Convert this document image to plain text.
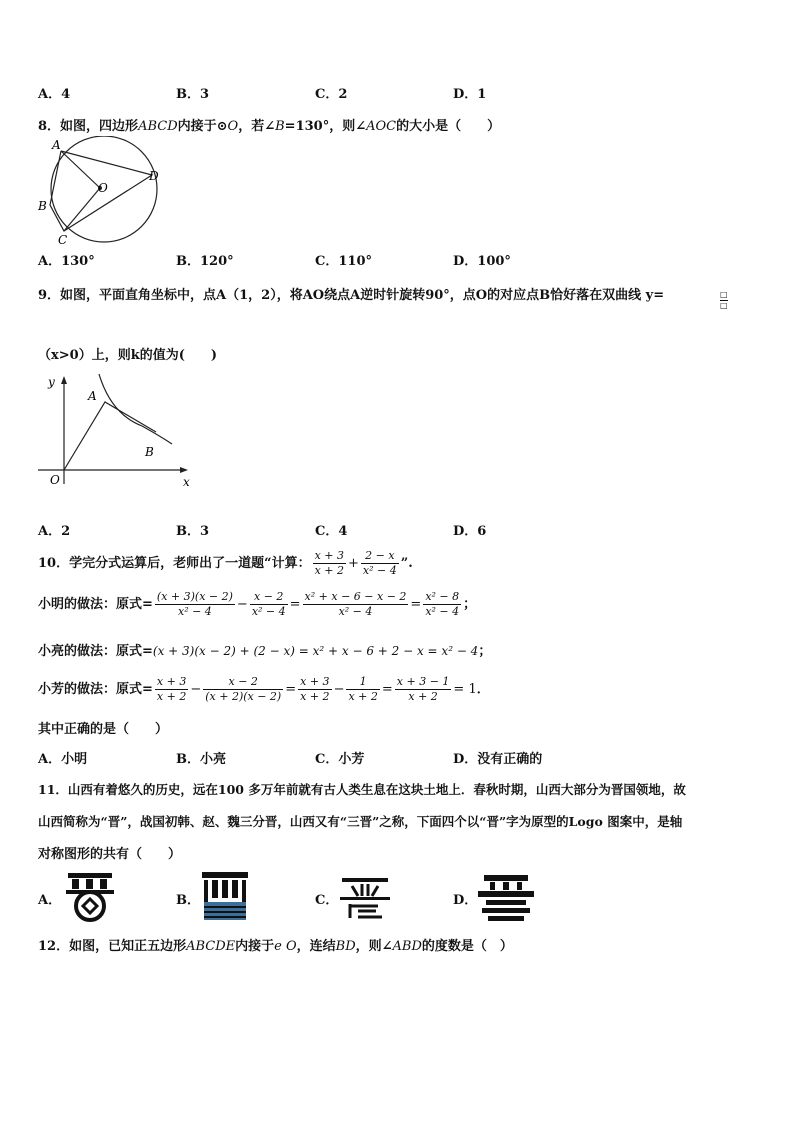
A．4	B．3	C．2	D．1
8．如图，四边形ABCD内接于⊙O，若∠B=130°，则∠AOC的大小是（　　）
A
D
O
B
C
A．130°	B．120°	C．110°	D．100°
9．如图，平面直角坐标中，点A（1，2），将AO绕点A逆时针旋转90°，点O的对应点B恰好落在双曲线 y=	□
□
（x>0）上，则k的值为(　　)
y
x
O
A
B
A．2	B．3	C．4	D．6
10．学完分式运算后，老师出了一道题“计算： $\frac{x + 3}{x + 2} + \frac{2 - x}{\text{x² − 4}}$ ”.
小明的做法：原式= $\frac{(x + 3)(x - 2)}{\text{x² − 4}} - \frac{x - 2}{\text{x² − 4}} = \frac{\text{x² + x − 6 − x − 2}}{\text{x² − 4}} = \frac{\text{x² − 8}}{\text{x² − 4}}$ ；
小亮的做法：原式=(x + 3)(x − 2) + (2 − x) = x² + x − 6 + 2 − x = x² − 4；
小芳的做法：原式= $\frac{x + 3}{x + 2} - \frac{x - 2}{(x + 2)(x - 2)} = \frac{x + 3}{x + 2} - \frac{1}{x + 2} = \frac{x + 3 - 1}{x + 2} = 1$．
其中正确的是（　　）
A．小明	B．小亮	C．小芳	D．没有正确的
11．山西有着悠久的历史，远在100 多万年前就有古人类生息在这块土地上．春秋时期，山西大部分为晋国领地，故
山西简称为“晋”，战国初韩、赵、魏三分晋，山西又有“三晋”之称，下面四个以“晋”字为原型的Logo 图案中，是轴
对称图形的共有（　　）
A．	B．	C．	D．
12．如图，已知正五边形ABCDE内接于e O，连结BD，则∠ABD的度数是（　）
